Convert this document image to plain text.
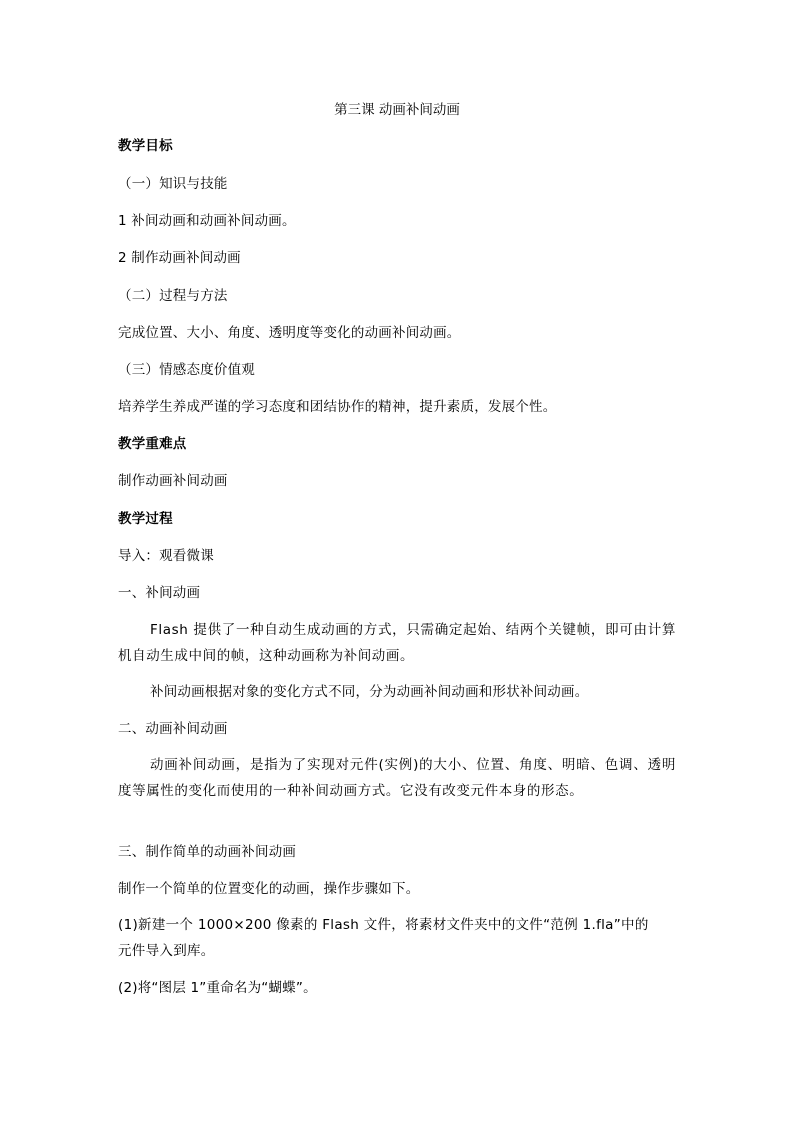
第三课 动画补间动画
教学目标
（一）知识与技能
1 补间动画和动画补间动画。
2 制作动画补间动画
（二）过程与方法
完成位置、大小、角度、透明度等变化的动画补间动画。
（三）情感态度价值观
培养学生养成严谨的学习态度和团结协作的精神，提升素质，发展个性。
教学重难点
制作动画补间动画
教学过程
导入：观看微课
一、补间动画
Flash 提供了一种自动生成动画的方式，只需确定起始、结两个关键帧，即可由计算机自动生成中间的帧，这种动画称为补间动画。
补间动画根据对象的变化方式不同，分为动画补间动画和形状补间动画。
二、动画补间动画
动画补间动画，是指为了实现对元件(实例)的大小、位置、角度、明暗、色调、透明度等属性的变化而使用的一种补间动画方式。它没有改变元件本身的形态。
三、制作简单的动画补间动画
制作一个简单的位置变化的动画，操作步骤如下。
(1)新建一个 1000×200 像素的 Flash 文件，将素材文件夹中的文件“范例 1.fla”中的元件导入到库。
(2)将“图层 1”重命名为“蝴蝶”。
